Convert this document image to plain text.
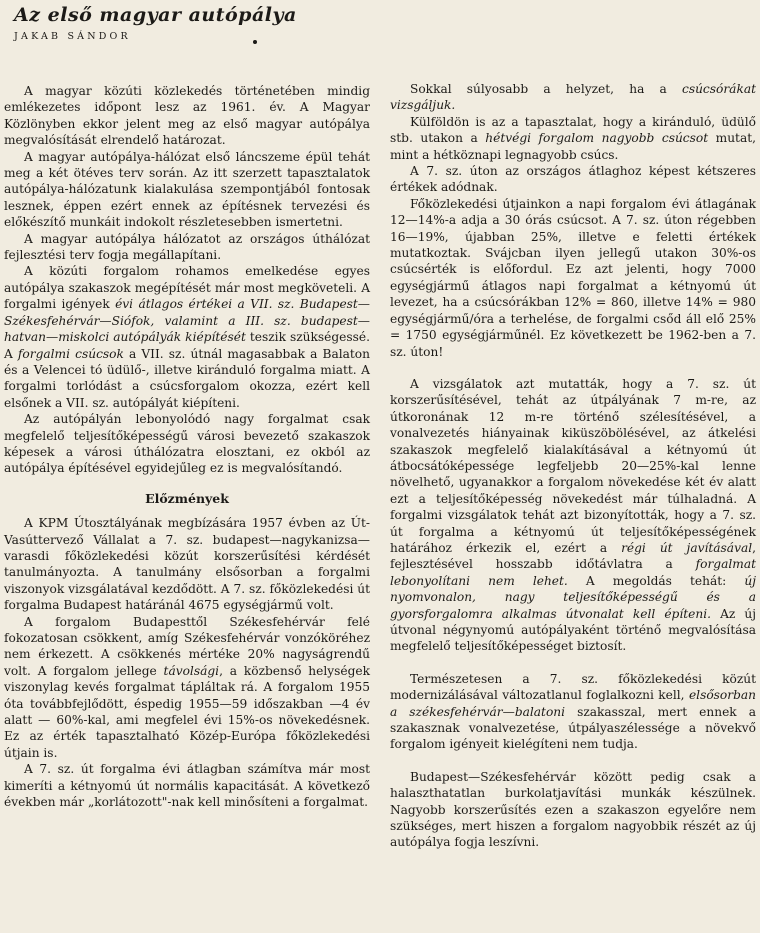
Az első magyar autópálya
JAKAB SÁNDOR

A magyar közúti közlekedés történetében mindig emlékezetes időpont lesz az 1961. év. A Magyar Közlönyben ekkor jelent meg az első magyar autópálya megvalósítását elrendelő határozat.

A magyar autópálya-hálózat első láncszeme épül tehát meg a két ötéves terv során. Az itt szerzett tapasztalatok autópálya-hálózatunk kialakulása szempontjából fontosak lesznek, éppen ezért ennek az építésnek tervezési és előkészítő munkáit indokolt részletesebben ismertetni.

A magyar autópálya hálózatot az országos úthálózat fejlesztési terv fogja megállapítani.

A közúti forgalom rohamos emelkedése egyes autópálya szakaszok megépítését már most megköveteli. A forgalmi igények évi átlagos értékei a VII. sz. Budapest—Székesfehérvár—Siófok, valamint a III. sz. budapest—hatvan—miskolci autópályák kiépítését teszik szükségessé. A forgalmi csúcsok a VII. sz. útnál magasabbak a Balaton és a Velencei tó üdülő-, illetve kiránduló forgalma miatt. A forgalmi torlódást a csúcsforgalom okozza, ezért kell elsőnek a VII. sz. autópályát kiépíteni.

Az autópályán lebonyolódó nagy forgalmat csak megfelelő teljesítőképességű városi bevezető szakaszok képesek a városi úthálózatra elosztani, ez okból az autópálya építésével egyidejűleg ez is megvalósítandó.

Előzmények

A KPM Útosztályának megbízására 1957 évben az Út-Vasúttervező Vállalat a 7. sz. budapest—nagykanizsa—varasdi főközlekedési közút korszerűsítési kérdését tanulmányozta. A tanulmány elsősorban a forgalmi viszonyok vizsgálatával kezdődött. A 7. sz. főközlekedési út forgalma Budapest határánál 4675 egységjármű volt.

A forgalom Budapesttől Székesfehérvár felé fokozatosan csökkent, amíg Székesfehérvár vonzóköréhez nem érkezett. A csökkenés mértéke 20% nagyságrendű volt. A forgalom jellege távolsági, a közbenső helységek viszonylag kevés forgalmat tápláltak rá. A forgalom 1955 óta továbbfejlődött, éspedig 1955—59 időszakban —4 év alatt — 60%-kal, ami megfelel évi 15%-os növekedésnek. Ez az érték tapasztalható Közép-Európa főközlekedési útjain is.

A 7. sz. út forgalma évi átlagban számítva már most kimeríti a kétnyomú út normális kapacitását. A következő években már „korlátozott"-nak kell minősíteni a forgalmat.

Sokkal súlyosabb a helyzet, ha a csúcsórákat vizsgáljuk.

Külföldön is az a tapasztalat, hogy a kiránduló, üdülő stb. utakon a hétvégi forgalom nagyobb csúcsot mutat, mint a hétköznapi legnagyobb csúcs.

A 7. sz. úton az országos átlaghoz képest kétszeres értékek adódnak.

Főközlekedési útjainkon a napi forgalom évi átlagának 12—14%-a adja a 30 órás csúcsot. A 7. sz. úton régebben 16—19%, újabban 25%, illetve e feletti értékek mutatkoztak. Svájcban ilyen jellegű utakon 30%-os csúcsérték is előfordul. Ez azt jelenti, hogy 7000 egységjármű átlagos napi forgalmat a kétnyomú út levezet, ha a csúcsórákban 12% = 860, illetve 14% = 980 egységjármű/óra a terhelése, de forgalmi csőd áll elő 25% = 1750 egységjárműnél. Ez következett be 1962-ben a 7. sz. úton!

A vizsgálatok azt mutatták, hogy a 7. sz. út korszerűsítésével, tehát az útpályának 7 m-re, az útkoronának 12 m-re történő szélesítésével, a vonalvezetés hiányainak kiküszöbölésével, az átkelési szakaszok megfelelő kialakításával a kétnyomú út átbocsátóképessége legfeljebb 20—25%-kal lenne növelhető, ugyanakkor a forgalom növekedése két év alatt ezt a teljesítőképesség növekedést már túlhaladná. A forgalmi vizsgálatok tehát azt bizonyították, hogy a 7. sz. út forgalma a kétnyomú út teljesítőképességének határához érkezik el, ezért a régi út javításával, fejlesztésével hosszabb időtávlatra a forgalmat lebonyolítani nem lehet. A megoldás tehát: új nyomvonalon, nagy teljesítőképességű és a gyorsforgalomra alkalmas útvonalat kell építeni. Az új útvonal négynyomú autópályaként történő megvalósítása megfelelő teljesítőképességet biztosít.

Természetesen a 7. sz. főközlekedési közút modernizálásával változatlanul foglalkozni kell, elsősorban a székesfehérvár—balatoni szakasszal, mert ennek a szakasznak vonalvezetése, útpályaszélessége a növekvő forgalom igényeit kielégíteni nem tudja.

Budapest—Székesfehérvár között pedig csak a halaszthatatlan burkolatjavítási munkák készülnek. Nagyobb korszerűsítés ezen a szakaszon egyelőre nem szükséges, mert hiszen a forgalom nagyobbik részét az új autópálya fogja leszívni.
